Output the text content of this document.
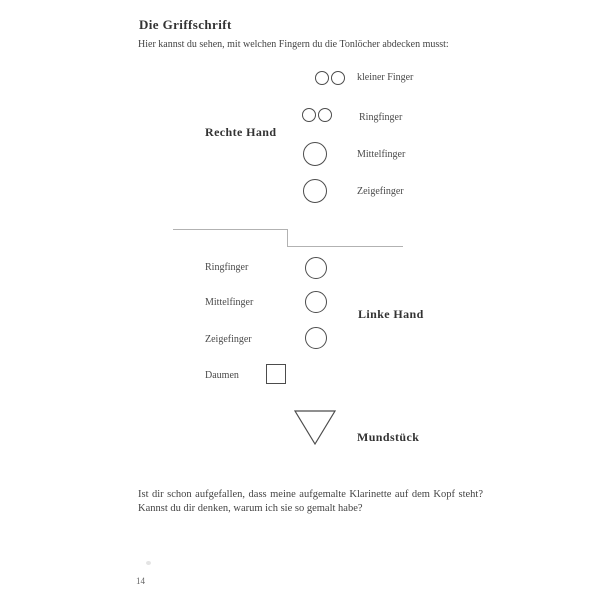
Die Griffschrift
Hier kannst du sehen, mit welchen Fingern du die Tonlöcher abdecken musst:
Rechte Hand
kleiner Finger
Ringfinger
Mittelfinger
Zeigefinger
Ringfinger
Mittelfinger
Linke Hand
Zeigefinger
Daumen
Mundstück
Ist dir schon aufgefallen, dass meine aufgemalte Klarinette auf dem Kopf steht?
Kannst du dir denken, warum ich sie so gemalt habe?
14
